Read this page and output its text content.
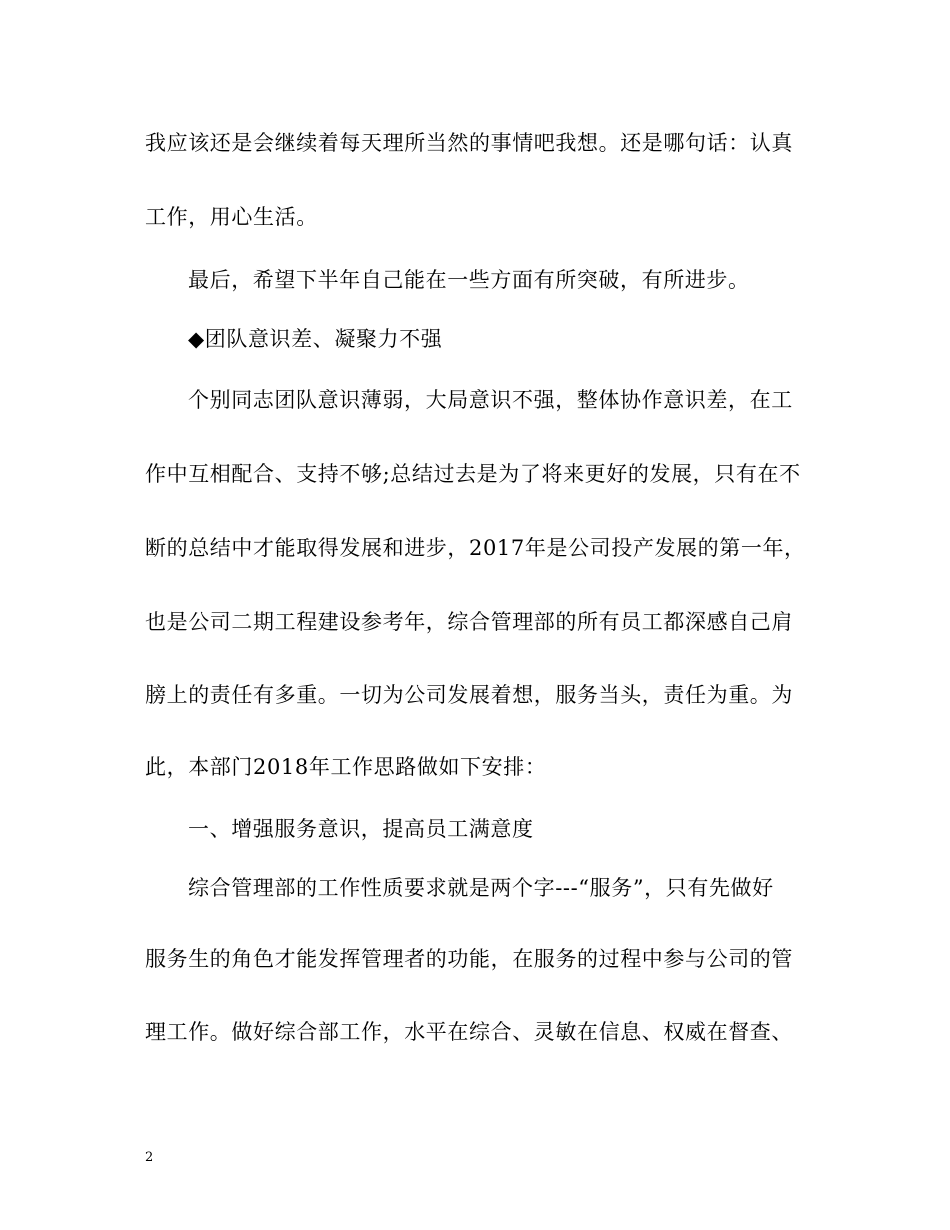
我应该还是会继续着每天理所当然的事情吧我想。还是哪句话：认真
工作，用心生活。
最后，希望下半年自己能在一些方面有所突破，有所进步。
◆团队意识差、凝聚力不强
个别同志团队意识薄弱，大局意识不强，整体协作意识差，在工
作中互相配合、支持不够;总结过去是为了将来更好的发展，只有在不
断的总结中才能取得发展和进步，2017年是公司投产发展的第一年，
也是公司二期工程建设参考年，综合管理部的所有员工都深感自己肩
膀上的责任有多重。一切为公司发展着想，服务当头，责任为重。为
此，本部门2018年工作思路做如下安排：
一、增强服务意识，提高员工满意度
综合管理部的工作性质要求就是两个字---“服务”，只有先做好
服务生的角色才能发挥管理者的功能，在服务的过程中参与公司的管
理工作。做好综合部工作，水平在综合、灵敏在信息、权威在督查、
2
